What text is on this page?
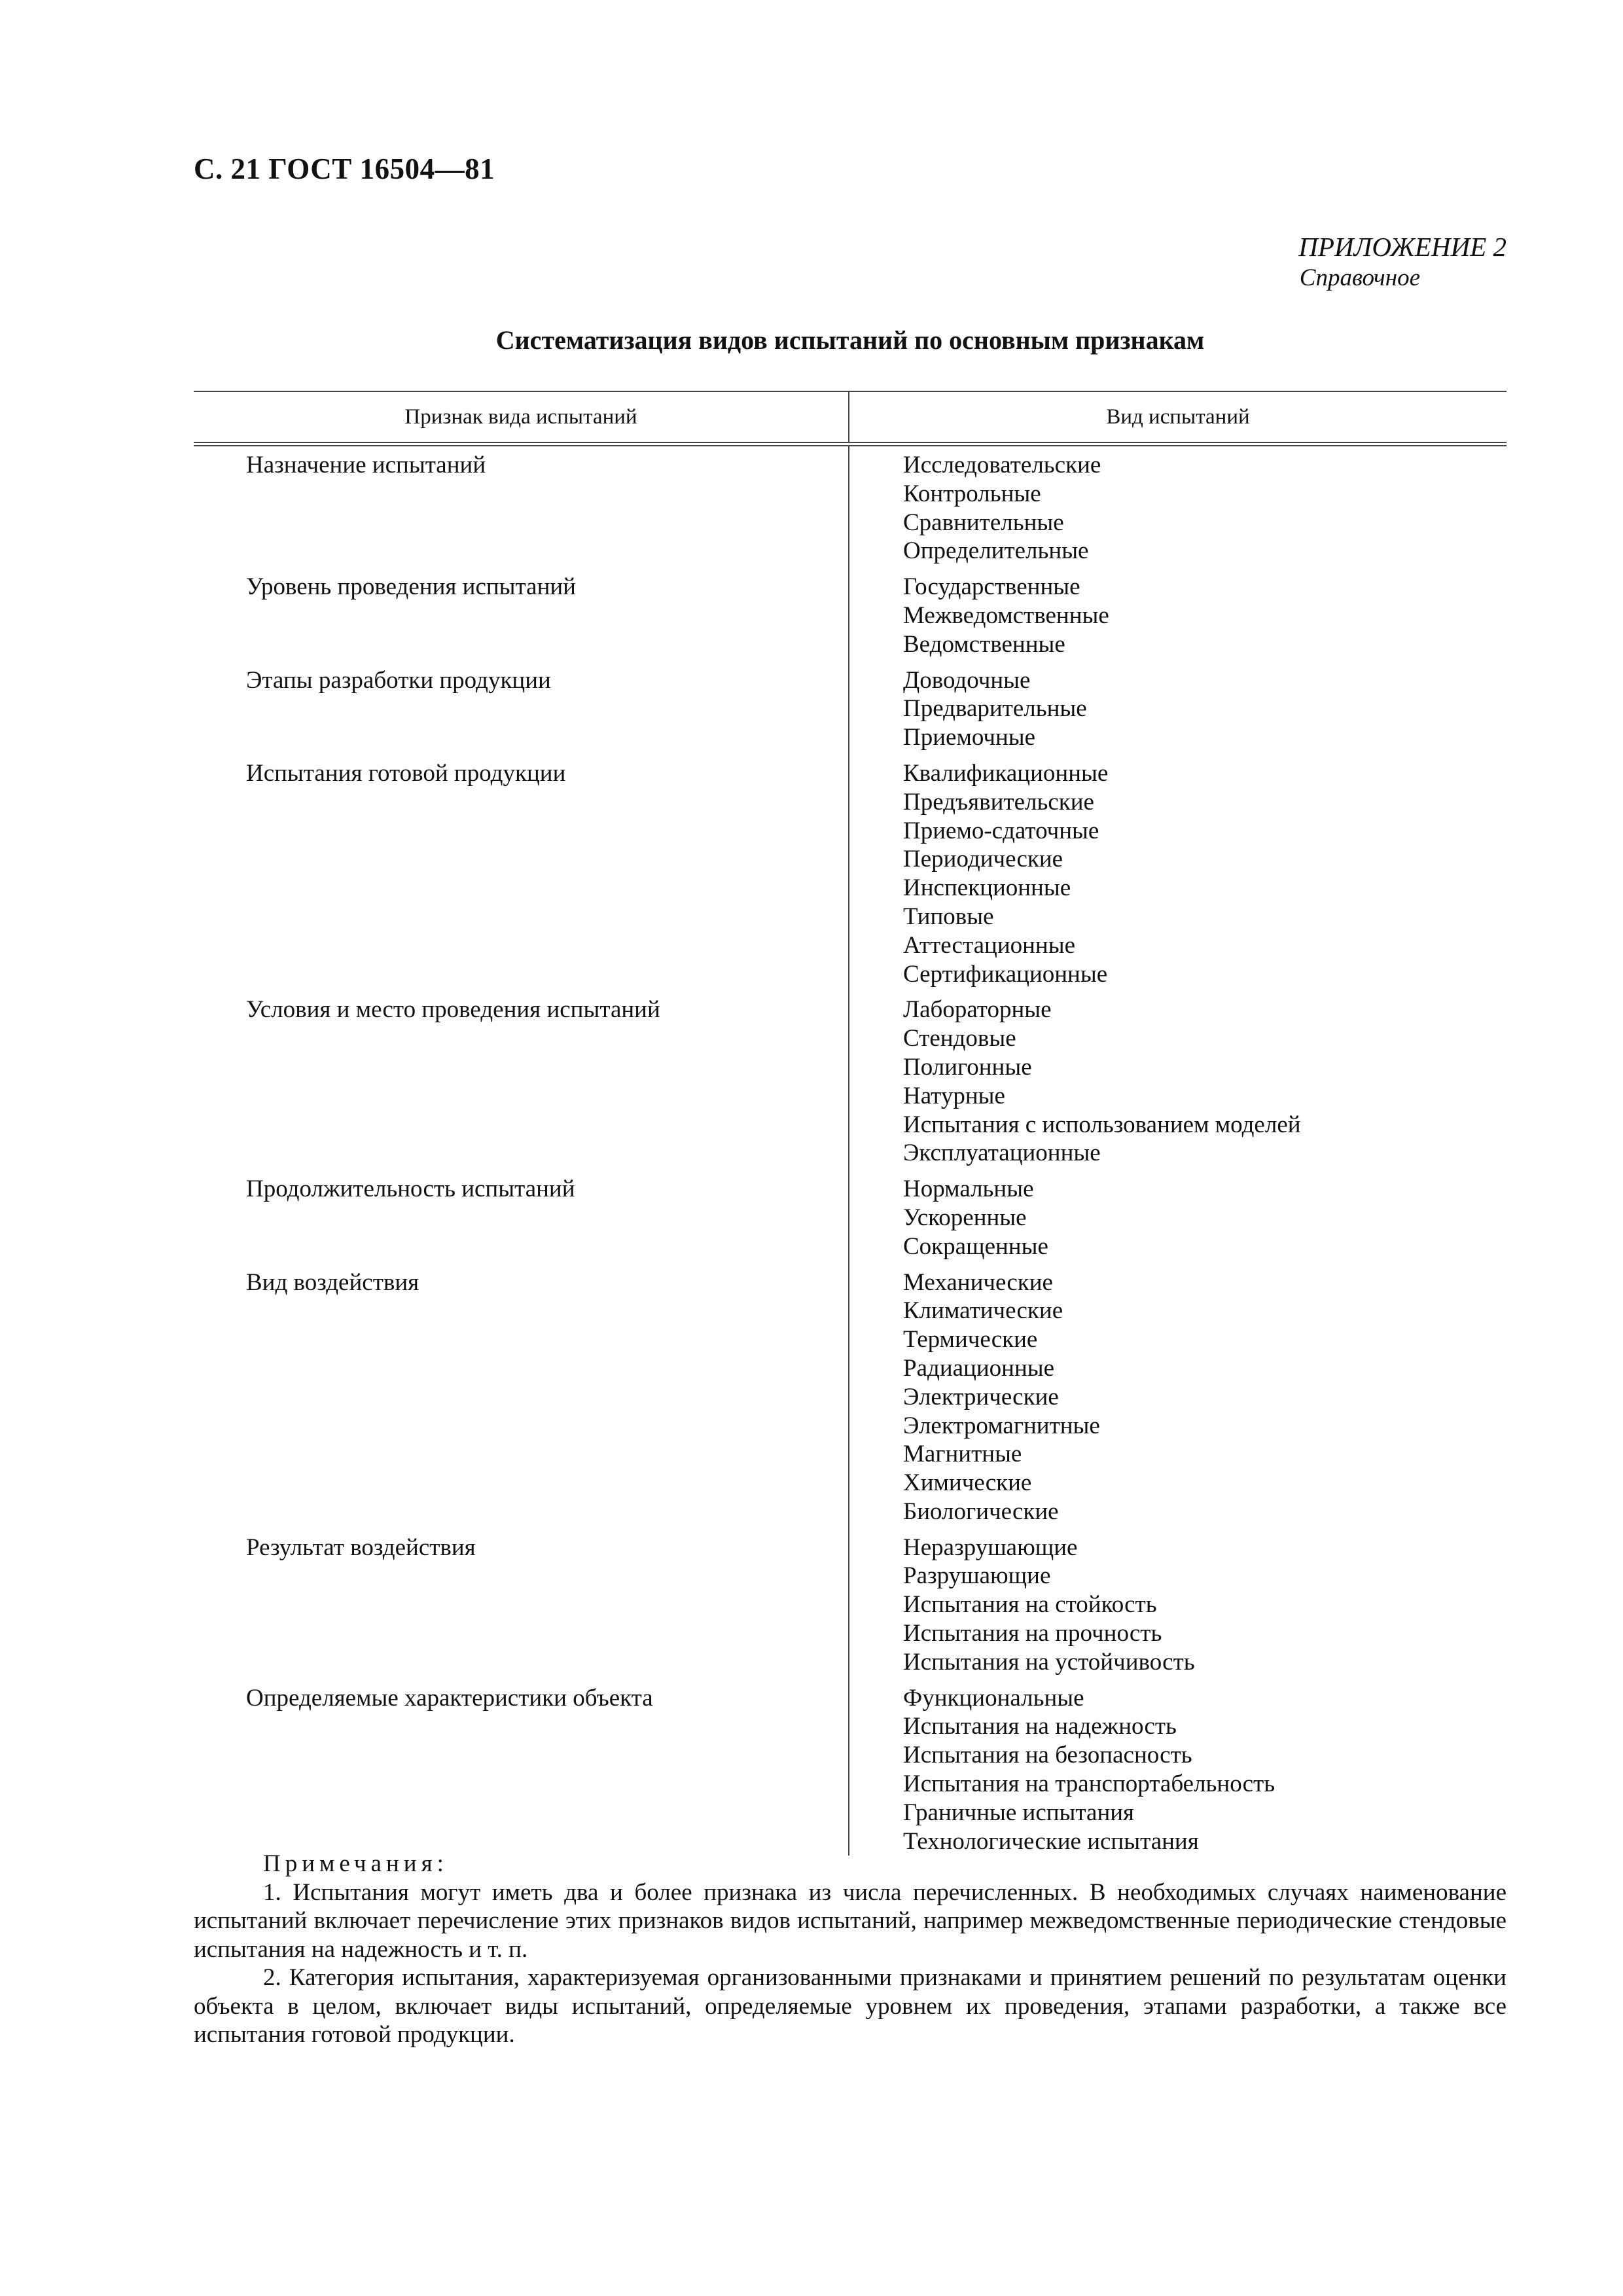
С. 21 ГОСТ 16504—81
ПРИЛОЖЕНИЕ 2
Справочное
Систематизация видов испытаний по основным признакам
Признак вида испытаний	Вид испытаний
Назначение испытаний	Исследовательские
Контрольные
Сравнительные
Определительные
Уровень проведения испытаний	Государственные
Межведомственные
Ведомственные
Этапы разработки продукции	Доводочные
Предварительные
Приемочные
Испытания готовой продукции	Квалификационные
Предъявительские
Приемо-сдаточные
Периодические
Инспекционные
Типовые
Аттестационные
Сертификационные
Условия и место проведения испытаний	Лабораторные
Стендовые
Полигонные
Натурные
Испытания с использованием моделей
Эксплуатационные
Продолжительность испытаний	Нормальные
Ускоренные
Сокращенные
Вид воздействия	Механические
Климатические
Термические
Радиационные
Электрические
Электромагнитные
Магнитные
Химические
Биологические
Результат воздействия	Неразрушающие
Разрушающие
Испытания на стойкость
Испытания на прочность
Испытания на устойчивость
Определяемые характеристики объекта	Функциональные
Испытания на надежность
Испытания на безопасность
Испытания на транспортабельность
Граничные испытания
Технологические испытания
Примечания:
1. Испытания могут иметь два и более признака из числа перечисленных. В необходимых случаях наименование испытаний включает перечисление этих признаков видов испытаний, например межведомственные периодические стендовые испытания на надежность и т. п.
2. Категория испытания, характеризуемая организованными признаками и принятием решений по результатам оценки объекта в целом, включает виды испытаний, определяемые уровнем их проведения, этапами разработки, а также все испытания готовой продукции.
